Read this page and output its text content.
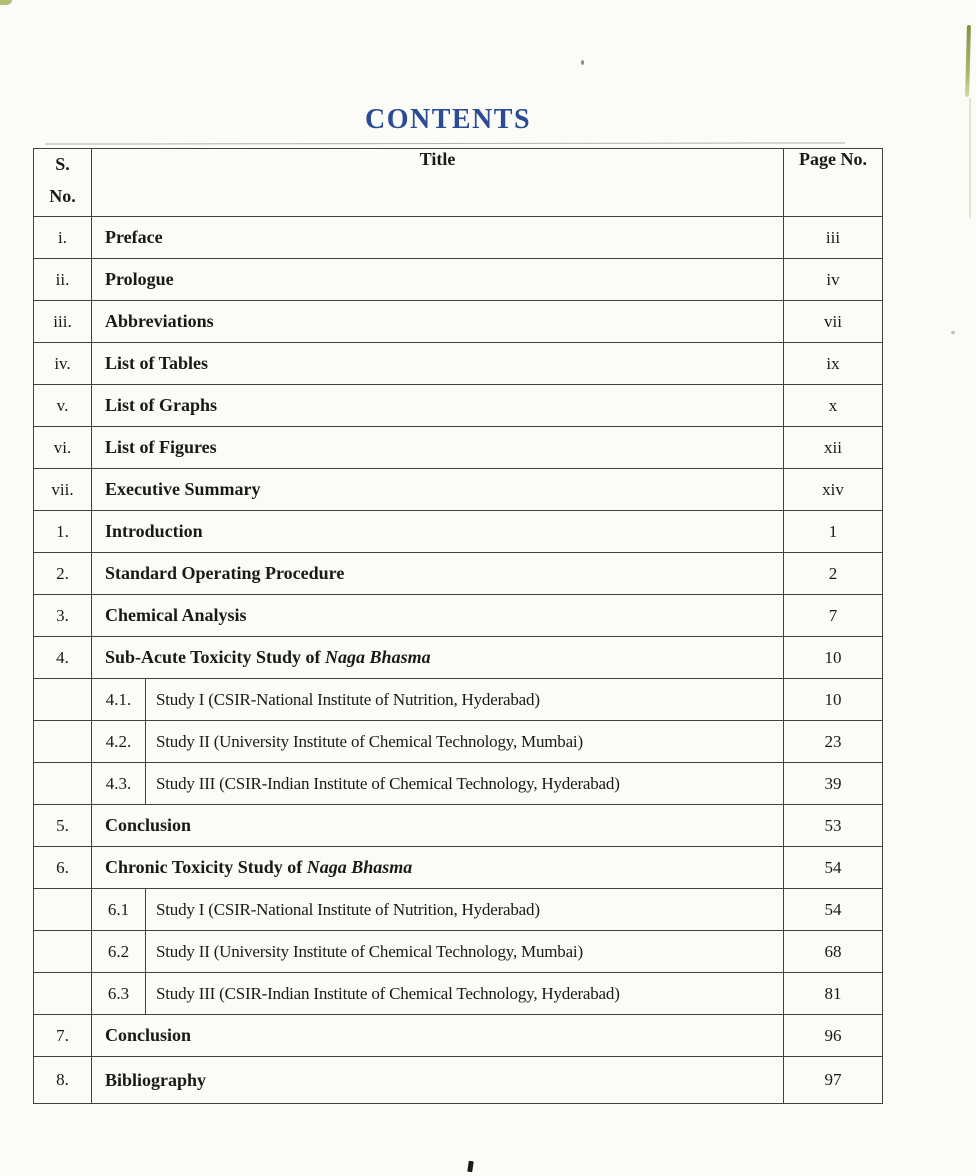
CONTENTS
S.
No.	Title		Page No.
i.	Preface		iii
ii.	Prologue		iv
iii.	Abbreviations		vii
iv.	List of Tables		ix
v.	List of Graphs		x
vi.	List of Figures		xii
vii.	Executive Summary		xiv
1.	Introduction		1
2.	Standard Operating Procedure		2
3.	Chemical Analysis		7
4.	Sub-Acute Toxicity Study of Naga Bhasma		10
	4.1.	Study I (CSIR-National Institute of Nutrition, Hyderabad)	10
	4.2.	Study II (University Institute of Chemical Technology, Mumbai)	23
	4.3.	Study III (CSIR-Indian Institute of Chemical Technology, Hyderabad)	39
5.	Conclusion		53
6.	Chronic Toxicity Study of Naga Bhasma		54
	6.1	Study I (CSIR-National Institute of Nutrition, Hyderabad)	54
	6.2	Study II (University Institute of Chemical Technology, Mumbai)	68
	6.3	Study III (CSIR-Indian Institute of Chemical Technology, Hyderabad)	81
7.	Conclusion		96
8.	Bibliography		97
